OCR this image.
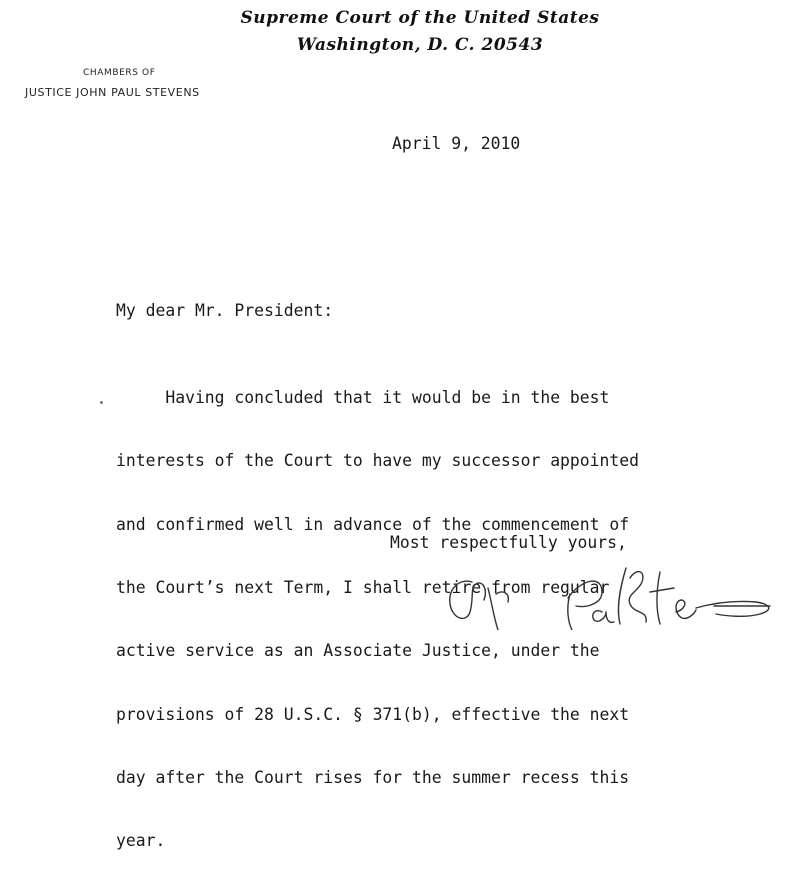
Supreme Court of the United States
Washington, D. C. 20543
CHAMBERS OF
JUSTICE JOHN PAUL STEVENS
April 9, 2010
My dear Mr. President:

Having concluded that it would be in the best

interests of the Court to have my successor appointed

and confirmed well in advance of the commencement of

the Court’s next Term, I shall retire from regular

active service as an Associate Justice, under the

provisions of 28 U.S.C. § 371(b), effective the next

day after the Court rises for the summer recess this

year.

Most respectfully yours,
